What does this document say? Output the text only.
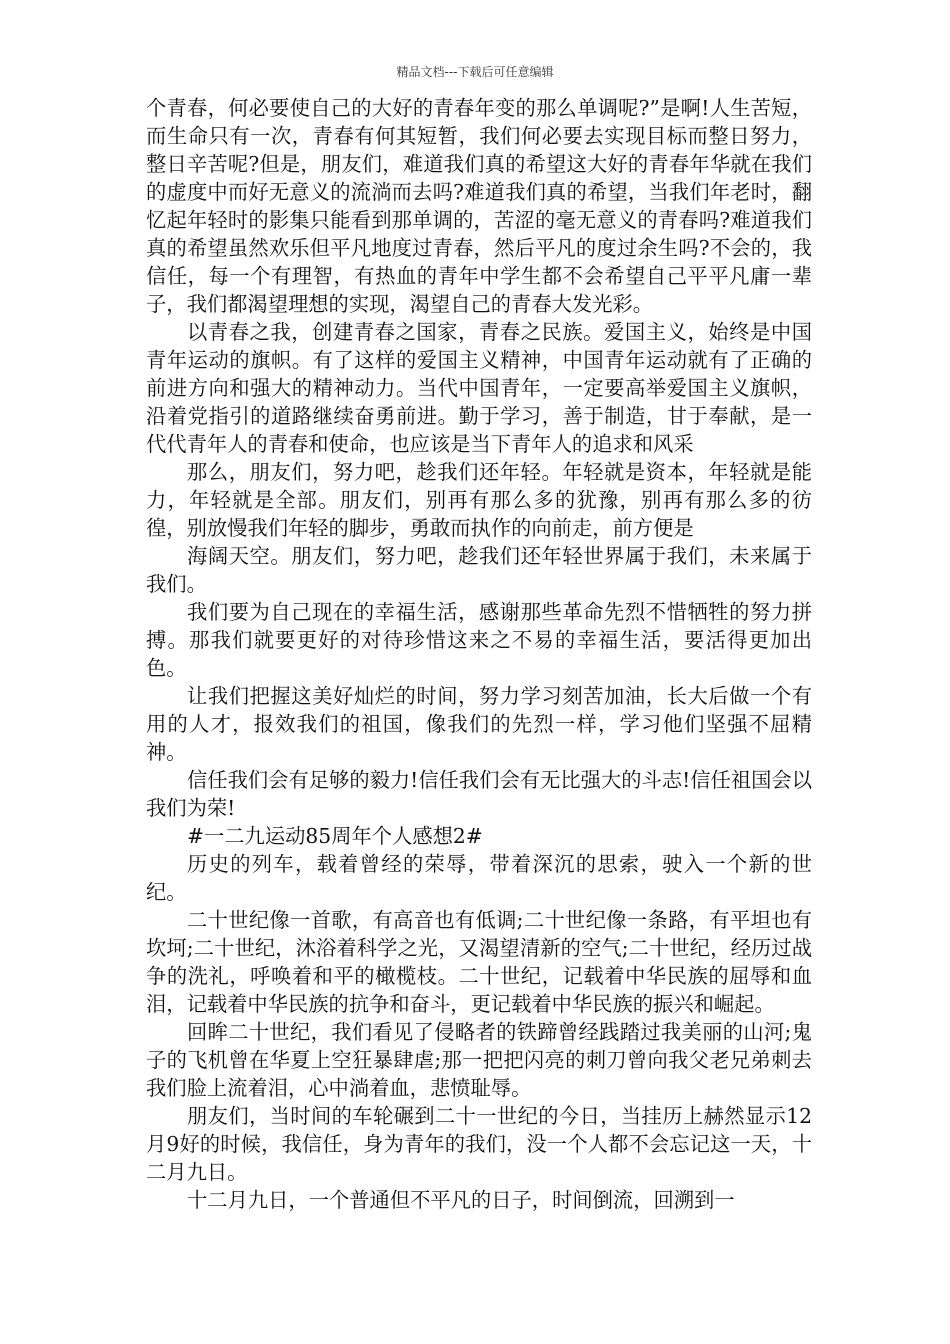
精品文档---下载后可任意编辑

个青春，何必要使自己的大好的青春年变的那么单调呢?”是啊!人生苦短，而生命只有一次，青春有何其短暂，我们何必要去实现目标而整日努力，整日辛苦呢?但是，朋友们，难道我们真的希望这大好的青春年华就在我们的虚度中而好无意义的流淌而去吗?难道我们真的希望，当我们年老时，翻忆起年轻时的影集只能看到那单调的，苦涩的毫无意义的青春吗?难道我们真的希望虽然欢乐但平凡地度过青春，然后平凡的度过余生吗?不会的，我信任，每一个有理智，有热血的青年中学生都不会希望自己平平凡庸一辈子，我们都渴望理想的实现，渴望自己的青春大发光彩。

以青春之我，创建青春之国家，青春之民族。爱国主义，始终是中国青年运动的旗帜。有了这样的爱国主义精神，中国青年运动就有了正确的前进方向和强大的精神动力。当代中国青年，一定要高举爱国主义旗帜，沿着党指引的道路继续奋勇前进。勤于学习，善于制造，甘于奉献，是一代代青年人的青春和使命，也应该是当下青年人的追求和风采

那么，朋友们，努力吧，趁我们还年轻。年轻就是资本，年轻就是能力，年轻就是全部。朋友们，别再有那么多的犹豫，别再有那么多的彷徨，别放慢我们年轻的脚步，勇敢而执作的向前走，前方便是

海阔天空。朋友们，努力吧，趁我们还年轻世界属于我们，未来属于我们。

我们要为自己现在的幸福生活，感谢那些革命先烈不惜牺牲的努力拼搏。那我们就要更好的对待珍惜这来之不易的幸福生活，要活得更加出色。

让我们把握这美好灿烂的时间，努力学习刻苦加油，长大后做一个有用的人才，报效我们的祖国，像我们的先烈一样，学习他们坚强不屈精神。

信任我们会有足够的毅力!信任我们会有无比强大的斗志!信任祖国会以我们为荣!

#一二九运动85周年个人感想2#

历史的列车，载着曾经的荣辱，带着深沉的思索，驶入一个新的世纪。

二十世纪像一首歌，有高音也有低调;二十世纪像一条路，有平坦也有坎坷;二十世纪，沐浴着科学之光，又渴望清新的空气;二十世纪，经历过战争的洗礼，呼唤着和平的橄榄枝。二十世纪，记载着中华民族的屈辱和血泪，记载着中华民族的抗争和奋斗，更记载着中华民族的振兴和崛起。

回眸二十世纪，我们看见了侵略者的铁蹄曾经践踏过我美丽的山河;鬼子的飞机曾在华夏上空狂暴肆虐;那一把把闪亮的刺刀曾向我父老兄弟刺去我们脸上流着泪，心中淌着血，悲愤耻辱。

朋友们，当时间的车轮碾到二十一世纪的今日，当挂历上赫然显示12月9好的时候，我信任，身为青年的我们，没一个人都不会忘记这一天，十二月九日。

十二月九日，一个普通但不平凡的日子，时间倒流，回溯到一
